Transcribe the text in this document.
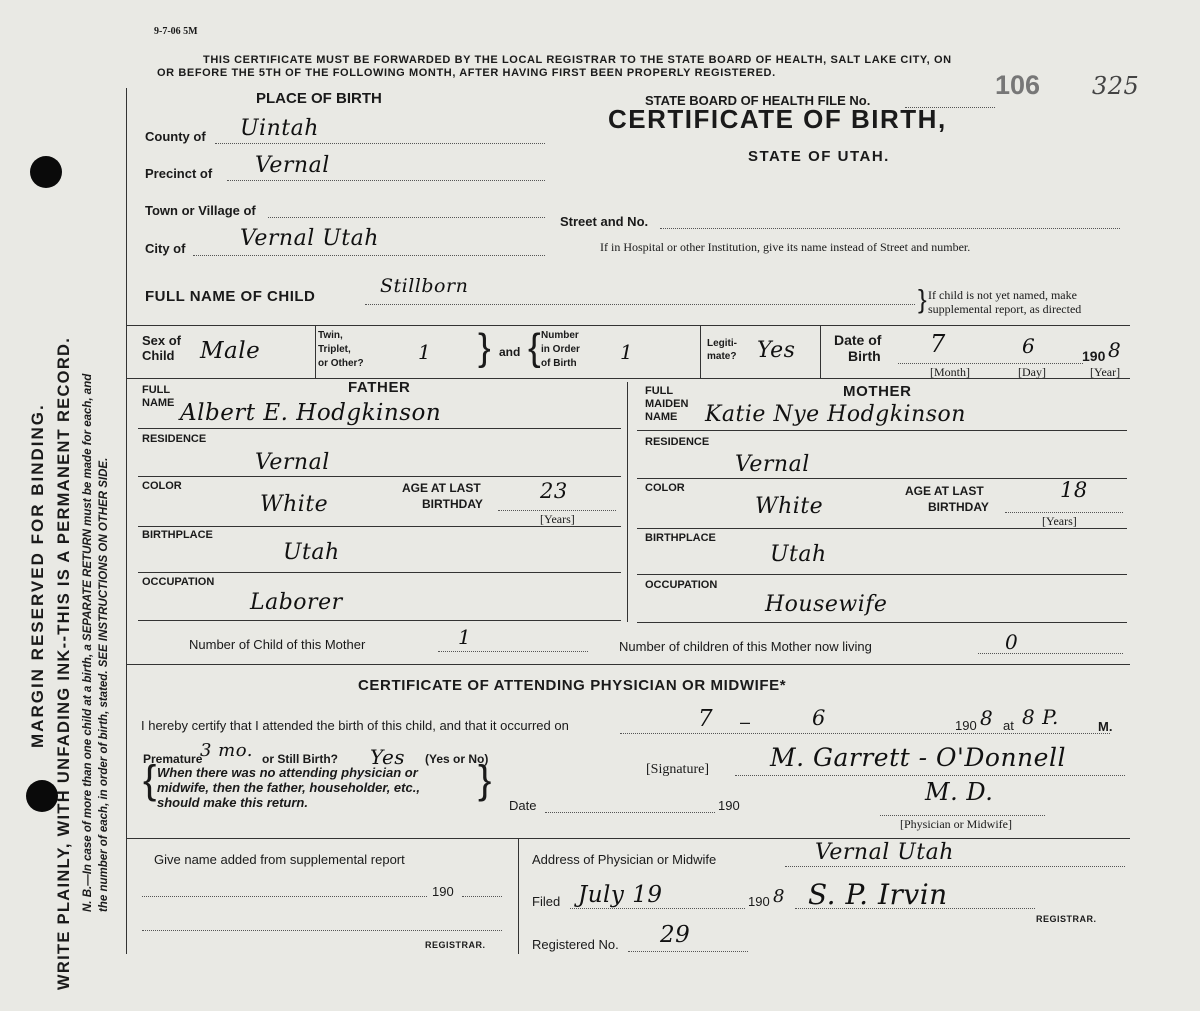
MARGIN RESERVED FOR BINDING. WRITE PLAINLY, WITH UNFADING INK--THIS IS A PERMANENT RECORD. N. B.—In case of more than one child at a birth, a SEPARATE RETURN must be made for each, and the number of each, in order of birth, stated. SEE INSTRUCTIONS ON OTHER SIDE.
9-7-06 5M
THIS CERTIFICATE MUST BE FORWARDED BY THE LOCAL REGISTRAR TO THE STATE BOARD OF HEALTH, SALT LAKE CITY, ON
OR BEFORE THE 5TH OF THE FOLLOWING MONTH, AFTER HAVING FIRST BEEN PROPERLY REGISTERED.
STATE BOARD OF HEALTH FILE No.
106 325
CERTIFICATE OF BIRTH,
STATE OF UTAH.
PLACE OF BIRTH
County of Uintah
Precinct of Vernal
Town or Village of
Street and No.
City of Vernal Utah	If in Hospital or other Institution, give its name instead of Street and number.
FULL NAME OF CHILD	Stillborn	} If child is not yet named, make
supplemental report, as directed
Sex of
Child Male
Twin,
Triplet,
or Other?	1 } and { Number
in Order
of Birth 1	Legiti-
mate? Yes	Date of
Birth 7	6	190 8
[Month]	[Day]	[Year]
FATHER
FULL
NAME Albert E. Hodgkinson
RESIDENCE
Vernal
COLOR
White
AGE AT LAST
BIRTHDAY
23
[Years]
BIRTHPLACE
Utah
OCCUPATION
Laborer
MOTHER
FULL
MAIDEN
NAME Katie Nye Hodgkinson
RESIDENCE
Vernal
COLOR
White
AGE AT LAST
BIRTHDAY
18
[Years]
BIRTHPLACE
Utah
OCCUPATION
Housewife
Number of Child of this Mother	1	Number of children of this Mother now living	0
CERTIFICATE OF ATTENDING PHYSICIAN OR MIDWIFE*
I hereby certify that I attended the birth of this child, and that it occurred on	7 –	6	190 8 at 8 P.	M.
Premature
3 mo. or Still Birth? Yes (Yes or No)
{	}
When there was no attending physician or
midwife, then the father, householder, etc.,
should make this return.
[Signature] M. Garrett - O'Donnell
M. D.
Date	190
[Physician or Midwife]
Give name added from supplemental report
190
REGISTRAR.
Address of Physician or Midwife	Vernal Utah
Filed July 19	190 8 S. P. Irvin
REGISTRAR.
Registered No. 29
